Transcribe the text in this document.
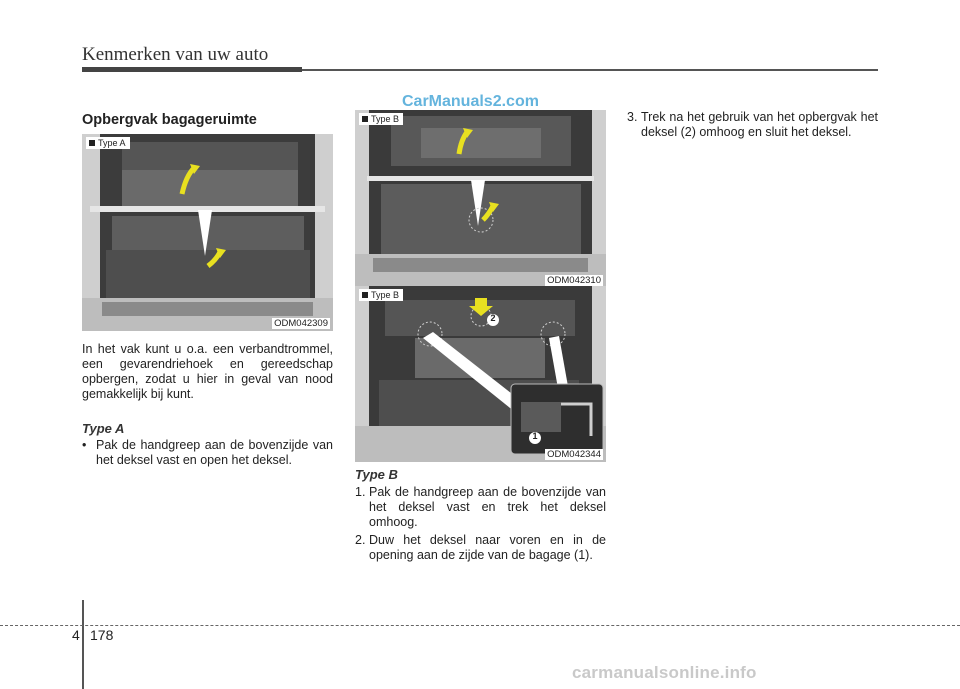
Kenmerken van uw auto
CarManuals2.com
Opbergvak bagageruimte
Type A
ODM042309
Type B
ODM042310
2
1
Type B
ODM042344
In het vak kunt u o.a. een verbandtrommel, een gevarendriehoek en gereedschap opbergen, zodat u hier in geval van nood gemakkelijk bij kunt.
Type A
• Pak de handgreep aan de bovenzijde van het deksel vast en open het deksel.
Type B
1. Pak de handgreep aan de bovenzijde van het deksel vast en trek het deksel omhoog.
2. Duw het deksel naar voren en in de opening aan de zijde van de bagage (1).
3. Trek na het gebruik van het opbergvak het deksel (2) omhoog en sluit het deksel.
4 178
carmanualsonline.info
